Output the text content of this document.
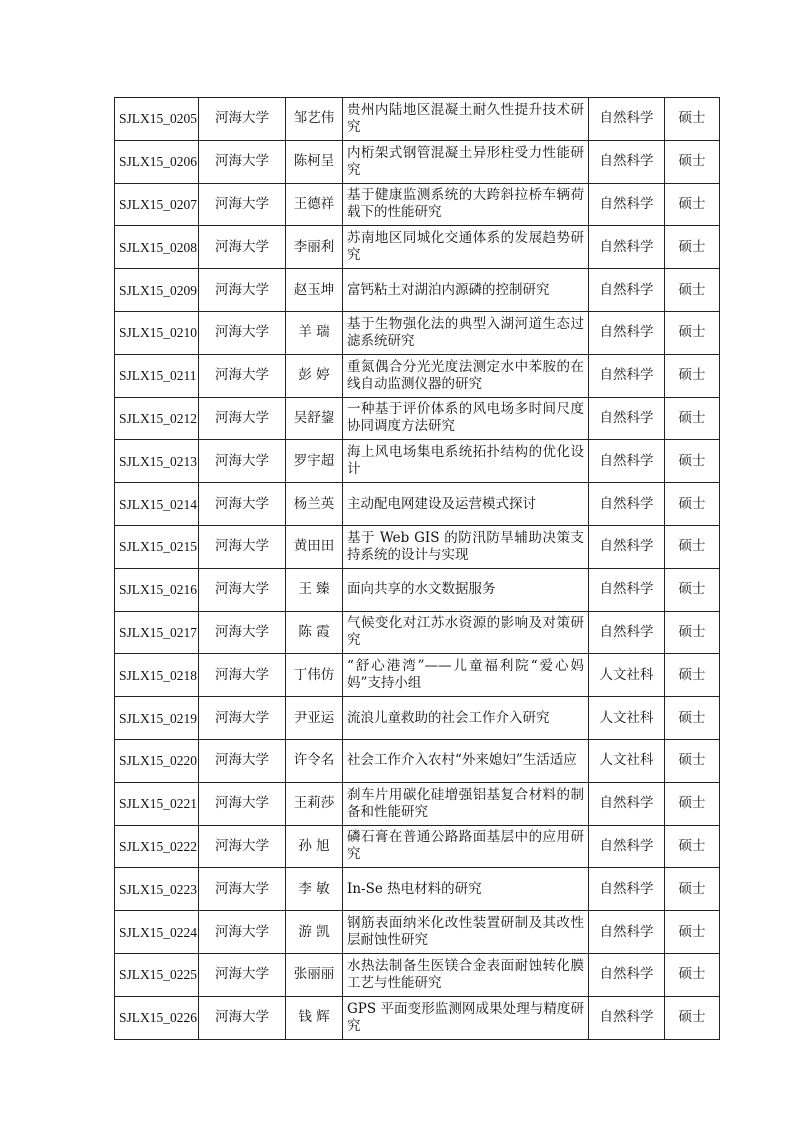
SJLX15_0205	河海大学	邹艺伟	贵州内陆地区混凝土耐久性提升技术研究	自然科学	硕士
SJLX15_0206	河海大学	陈柯呈	内桁架式钢管混凝土异形柱受力性能研究	自然科学	硕士
SJLX15_0207	河海大学	王德祥	基于健康监测系统的大跨斜拉桥车辆荷载下的性能研究	自然科学	硕士
SJLX15_0208	河海大学	李丽利	苏南地区同城化交通体系的发展趋势研究	自然科学	硕士
SJLX15_0209	河海大学	赵玉坤	富钙粘土对湖泊内源磷的控制研究	自然科学	硕士
SJLX15_0210	河海大学	羊 瑞	基于生物强化法的典型入湖河道生态过滤系统研究	自然科学	硕士
SJLX15_0211	河海大学	彭 婷	重氮偶合分光光度法测定水中苯胺的在线自动监测仪器的研究	自然科学	硕士
SJLX15_0212	河海大学	吴舒鋆	一种基于评价体系的风电场多时间尺度协同调度方法研究	自然科学	硕士
SJLX15_0213	河海大学	罗宇超	海上风电场集电系统拓扑结构的优化设计	自然科学	硕士
SJLX15_0214	河海大学	杨兰英	主动配电网建设及运营模式探讨	自然科学	硕士
SJLX15_0215	河海大学	黄田田	基于 Web GIS 的防汛防旱辅助决策支持系统的设计与实现	自然科学	硕士
SJLX15_0216	河海大学	王 臻	面向共享的水文数据服务	自然科学	硕士
SJLX15_0217	河海大学	陈 霞	气候变化对江苏水资源的影响及对策研究	自然科学	硕士
SJLX15_0218	河海大学	丁伟仿	“舒心港湾”——儿童福利院“爱心妈妈”支持小组	人文社科	硕士
SJLX15_0219	河海大学	尹亚运	流浪儿童救助的社会工作介入研究	人文社科	硕士
SJLX15_0220	河海大学	许令名	社会工作介入农村“外来媳妇”生活适应	人文社科	硕士
SJLX15_0221	河海大学	王莉莎	刹车片用碳化硅增强铝基复合材料的制备和性能研究	自然科学	硕士
SJLX15_0222	河海大学	孙 旭	磷石膏在普通公路路面基层中的应用研究	自然科学	硕士
SJLX15_0223	河海大学	李 敏	In-Se 热电材料的研究	自然科学	硕士
SJLX15_0224	河海大学	游 凯	钢筋表面纳米化改性装置研制及其改性层耐蚀性研究	自然科学	硕士
SJLX15_0225	河海大学	张丽丽	水热法制备生医镁合金表面耐蚀转化膜工艺与性能研究	自然科学	硕士
SJLX15_0226	河海大学	钱 辉	GPS 平面变形监测网成果处理与精度研究	自然科学	硕士
